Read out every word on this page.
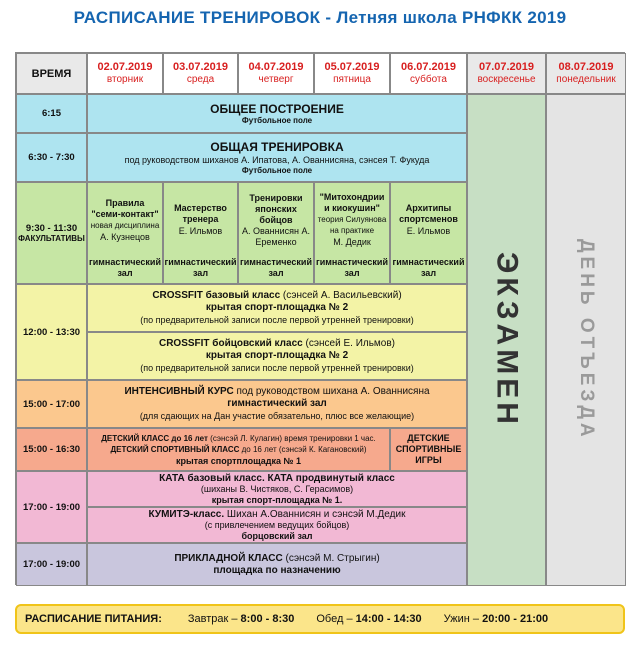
РАСПИСАНИЕ ТРЕНИРОВОК - Летняя школа РНФКК 2019
ВРЕМЯ
02.07.2019
вторник
03.07.2019
среда
04.07.2019
четверг
05.07.2019
пятница
06.07.2019
суббота
07.07.2019
воскресенье
08.07.2019
понедельник
6:15
6:30 - 7:30
9:30 - 11:30
ФАКУЛЬТАТИВЫ
12:00 - 13:30
15:00 - 17:00
15:00 - 16:30
17:00 - 19:00
17:00 - 19:00
ОБЩЕЕ ПОСТРОЕНИЕ
Футбольное поле
ОБЩАЯ ТРЕНИРОВКА
под руководством шиханов А. Ипатова, А. Ованнисяна, сэнсея Т. Фукуда
Футбольное поле
Правила
"семи-контакт"
новая дисциплина
А. Кузнецов
гимнастический зал
Мастерство
тренера
Е. Ильмов
гимнастический зал
Тренировки
японских
бойцов
А. Ованнисян А. Еременко
гимнастический зал
"Митохондрии
и киокушин"
теория Силуянова на практике
М. Дедик
гимнастический зал
Архитипы
спортсменов
Е. Ильмов
гимнастический зал
CROSSFIT базовый класс (сэнсей А. Васильевский)
крытая спорт-площадка № 2
(по предварительной записи после первой утренней тренировки)
CROSSFIT бойцовский класс (сэнсей Е. Ильмов)
крытая спорт-площадка № 2
(по предварительной записи после первой утренней тренировки)
ИНТЕНСИВНЫЙ КУРС под руководством шихана А. Ованнисяна
гимнастический зал
(для сдающих на Дан участие обязательно, плюс все желающие)
ДЕТСКИЙ КЛАСС до 16 лет (сэнсэй Л. Кулагин) время тренировки 1 час.
ДЕТСКИЙ СПОРТИВНЫЙ КЛАСС до 16 лет (сэнсэй К. Кагановский)
крытая спортплощадка № 1
ДЕТСКИЕ СПОРТИВНЫЕ ИГРЫ
КАТА базовый класс. КАТА продвинутый класс
(шиханы В. Чистяков, С. Герасимов)
крытая спорт-площадка № 1.
КУМИТЭ-класс. Шихан А.Ованнисян и сэнсэй М.Дедик
(с привлечением ведущих бойцов)
борцовский зал
ПРИКЛАДНОЙ КЛАСС (сэнсэй М. Стрыгин)
площадка по назначению
ЭКЗАМЕН	ДЕНЬ ОТЪЕЗДА
РАСПИСАНИЕ ПИТАНИЯ: Завтрак – 8:00 - 8:30 Обед – 14:00 - 14:30 Ужин – 20:00 - 21:00
